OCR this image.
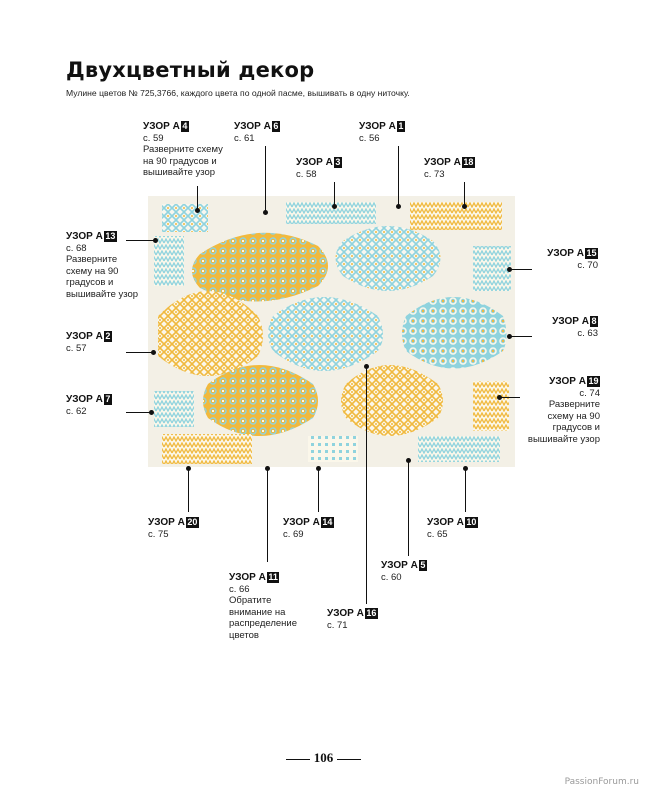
Двухцветный декор
Мулине цветов № 725,3766, каждого цвета по одной пасме, вышивать в одну ниточку.
УЗОР А 4
с. 59
Разверните схему на 90 градусов и вышивайте узор
УЗОР А 6
с. 61
УЗОР А 3
с. 58
УЗОР А 1
с. 56
УЗОР А 18
с. 73
УЗОР А 13
с. 68
Разверните схему на 90 градусов и вышивайте узор
УЗОР А 15
с. 70
УЗОР А 2
с. 57
УЗОР А 8
с. 63
УЗОР А 19
с. 74
Разверните схему на 90 градусов и вышивайте узор
УЗОР А 7
с. 62
УЗОР А 20
с. 75
УЗОР А 14
с. 69
УЗОР А 10
с. 65
УЗОР А 11
с. 66
Обратите внимание на распределение цветов
УЗОР А 5
с. 60
УЗОР А 16
с. 71
106
PassionForum.ru
